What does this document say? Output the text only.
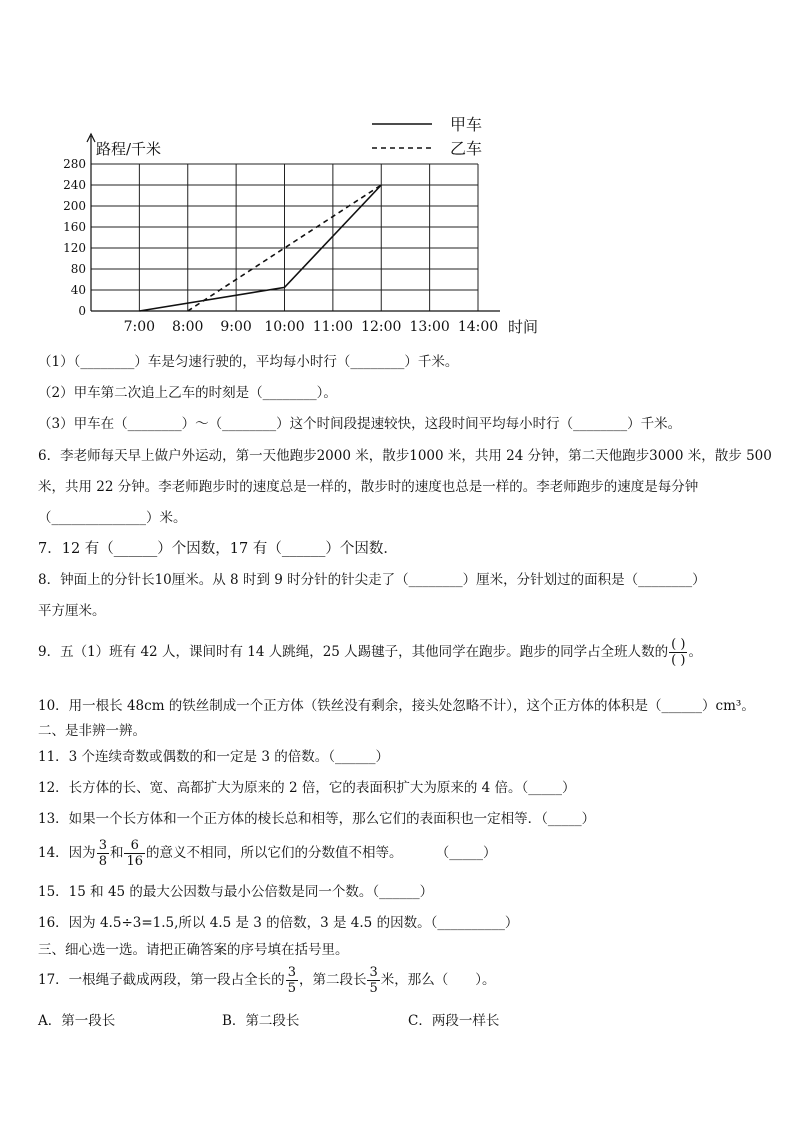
0
40
80
120
160
200
240
280
7:00 8:00 9:00 10:00 11:00 12:00 13:00 14:00
甲车
乙车
路程/千米
时间
（1）（________）车是匀速行驶的，平均每小时行（________）千米。
（2）甲车第二次追上乙车的时刻是（________）。
（3）甲车在（________）～（________）这个时间段提速较快，这段时间平均每小时行（________）千米。
6．李老师每天早上做户外运动，第一天他跑步2000 米，散步1000 米，共用 24 分钟，第二天他跑步3000 米，散步 500
米，共用 22 分钟。李老师跑步时的速度总是一样的，散步时的速度也总是一样的。李老师跑步的速度是每分钟
（______________）米。
7．12 有（______）个因数，17 有（______）个因数．
8．钟面上的分针长10厘米。从 8 时到 9 时分针的针尖走了（________）厘米，分针划过的面积是（________）
平方厘米。
9．五（1）班有 42 人，课间时有 14 人跳绳，25 人踢毽子，其他同学在跑步。跑步的同学占全班人数的 $\frac{( )}{( )}$ 。
10．用一根长 48cm 的铁丝制成一个正方体（铁丝没有剩余，接头处忽略不计），这个正方体的体积是（______）cm³。
二、是非辨一辨。
11．3 个连续奇数或偶数的和一定是 3 的倍数。（______）
12．长方体的长、宽、高都扩大为原来的 2 倍，它的表面积扩大为原来的 4 倍。（_____）
13．如果一个长方体和一个正方体的棱长总和相等，那么它们的表面积也一定相等．（_____）
14．因为 $\frac{3}{8}$ 和 $\frac{6}{16}$ 的意义不相同，所以它们的分数值不相等。	（_____）
15．15 和 45 的最大公因数与最小公倍数是同一个数。（______）
16．因为 4.5÷3=1.5,所以 4.5 是 3 的倍数，3 是 4.5 的因数。（__________）
三、细心选一选。请把正确答案的序号填在括号里。
17．一根绳子截成两段，第一段占全长的 $\frac{3}{5}$ ，第二段长 $\frac{3}{5}$ 米，那么（　　）。
A．第一段长	B．第二段长	C．两段一样长
